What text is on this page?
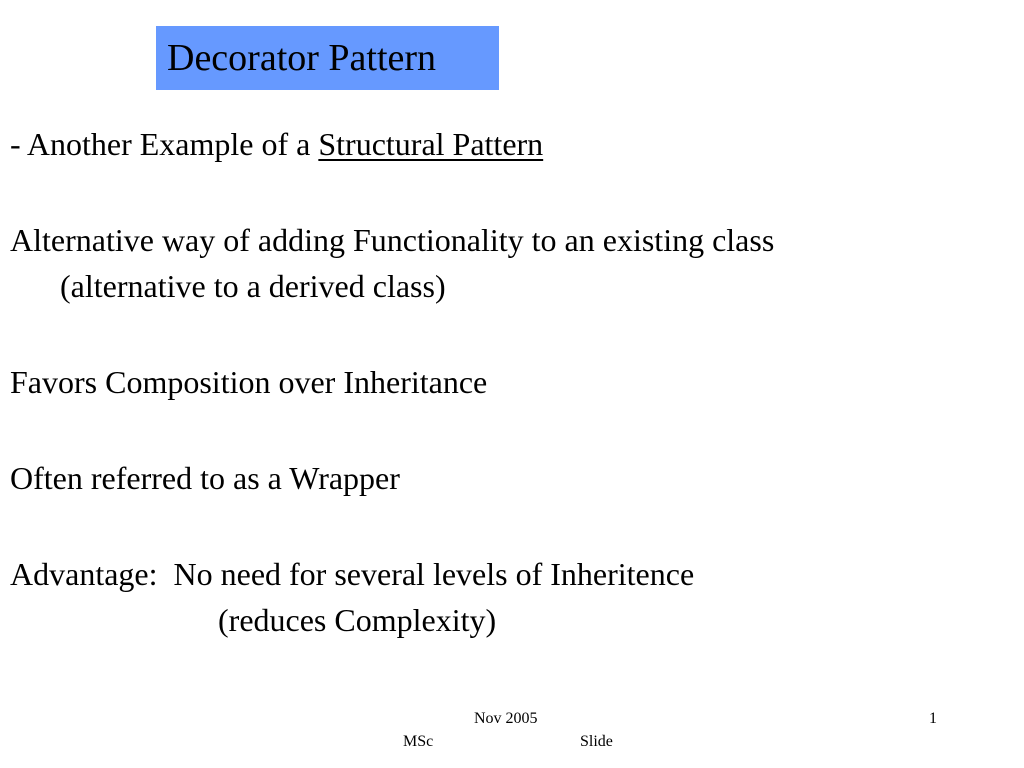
Decorator Pattern
- Another Example of a Structural Pattern
Alternative way of adding Functionality to an existing class
(alternative to a derived class)
Favors Composition over Inheritance
Often referred to as a Wrapper
Advantage:  No need for several levels of Inheritence
(reduces Complexity)
Nov 2005	1
MSc	Slide
